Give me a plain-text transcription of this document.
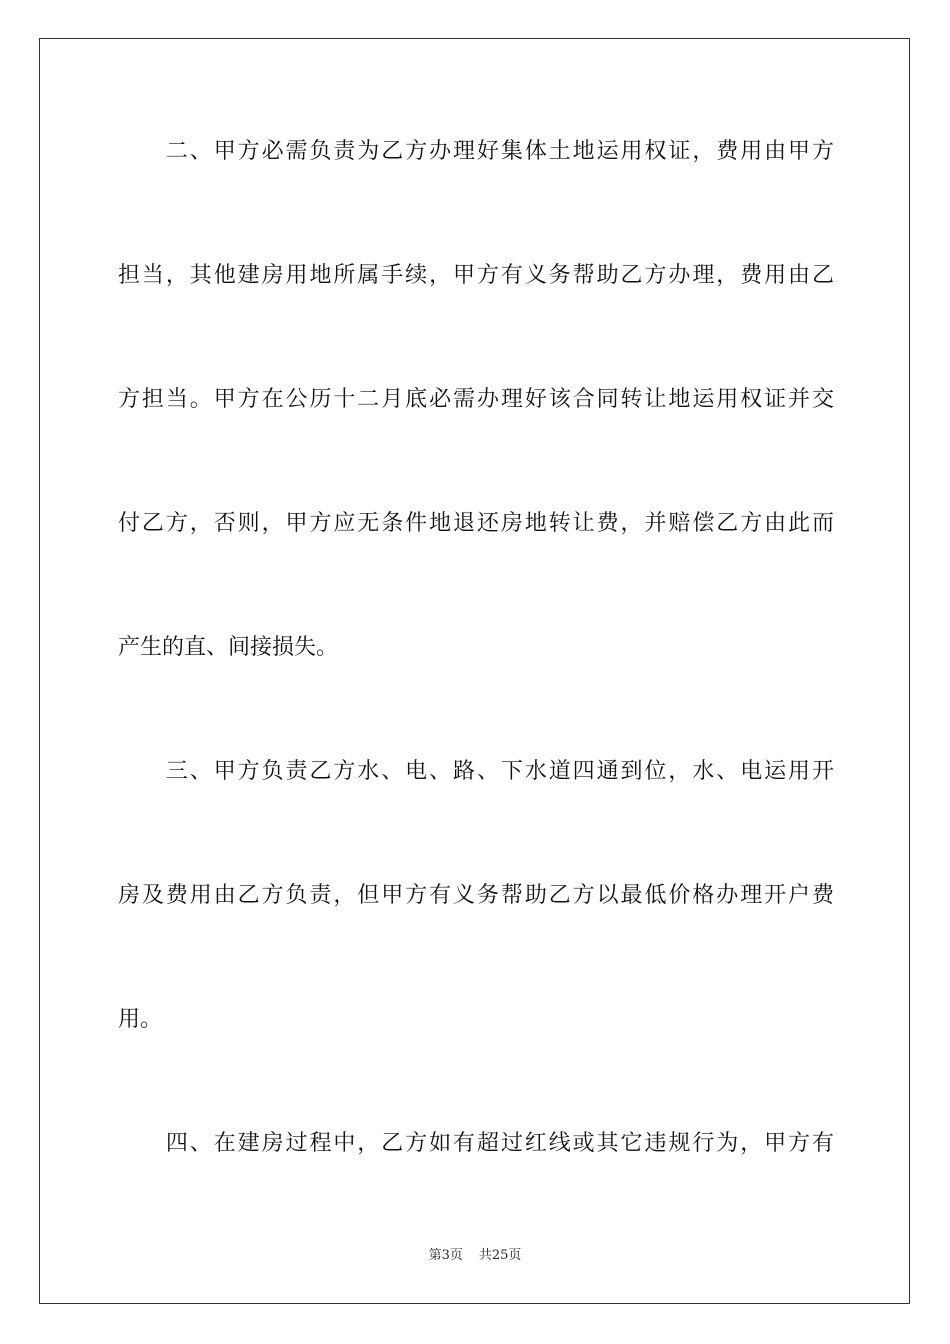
　　二、甲方必需负责为乙方办理好集体土地运用权证，费用由甲方
担当，其他建房用地所属手续，甲方有义务帮助乙方办理，费用由乙
方担当。甲方在公历十二月底必需办理好该合同转让地运用权证并交
付乙方，否则，甲方应无条件地退还房地转让费，并赔偿乙方由此而
产生的直、间接损失。
　　三、甲方负责乙方水、电、路、下水道四通到位，水、电运用开
房及费用由乙方负责，但甲方有义务帮助乙方以最低价格办理开户费
用。
　　四、在建房过程中，乙方如有超过红线或其它违规行为，甲方有
第3页 共25页
